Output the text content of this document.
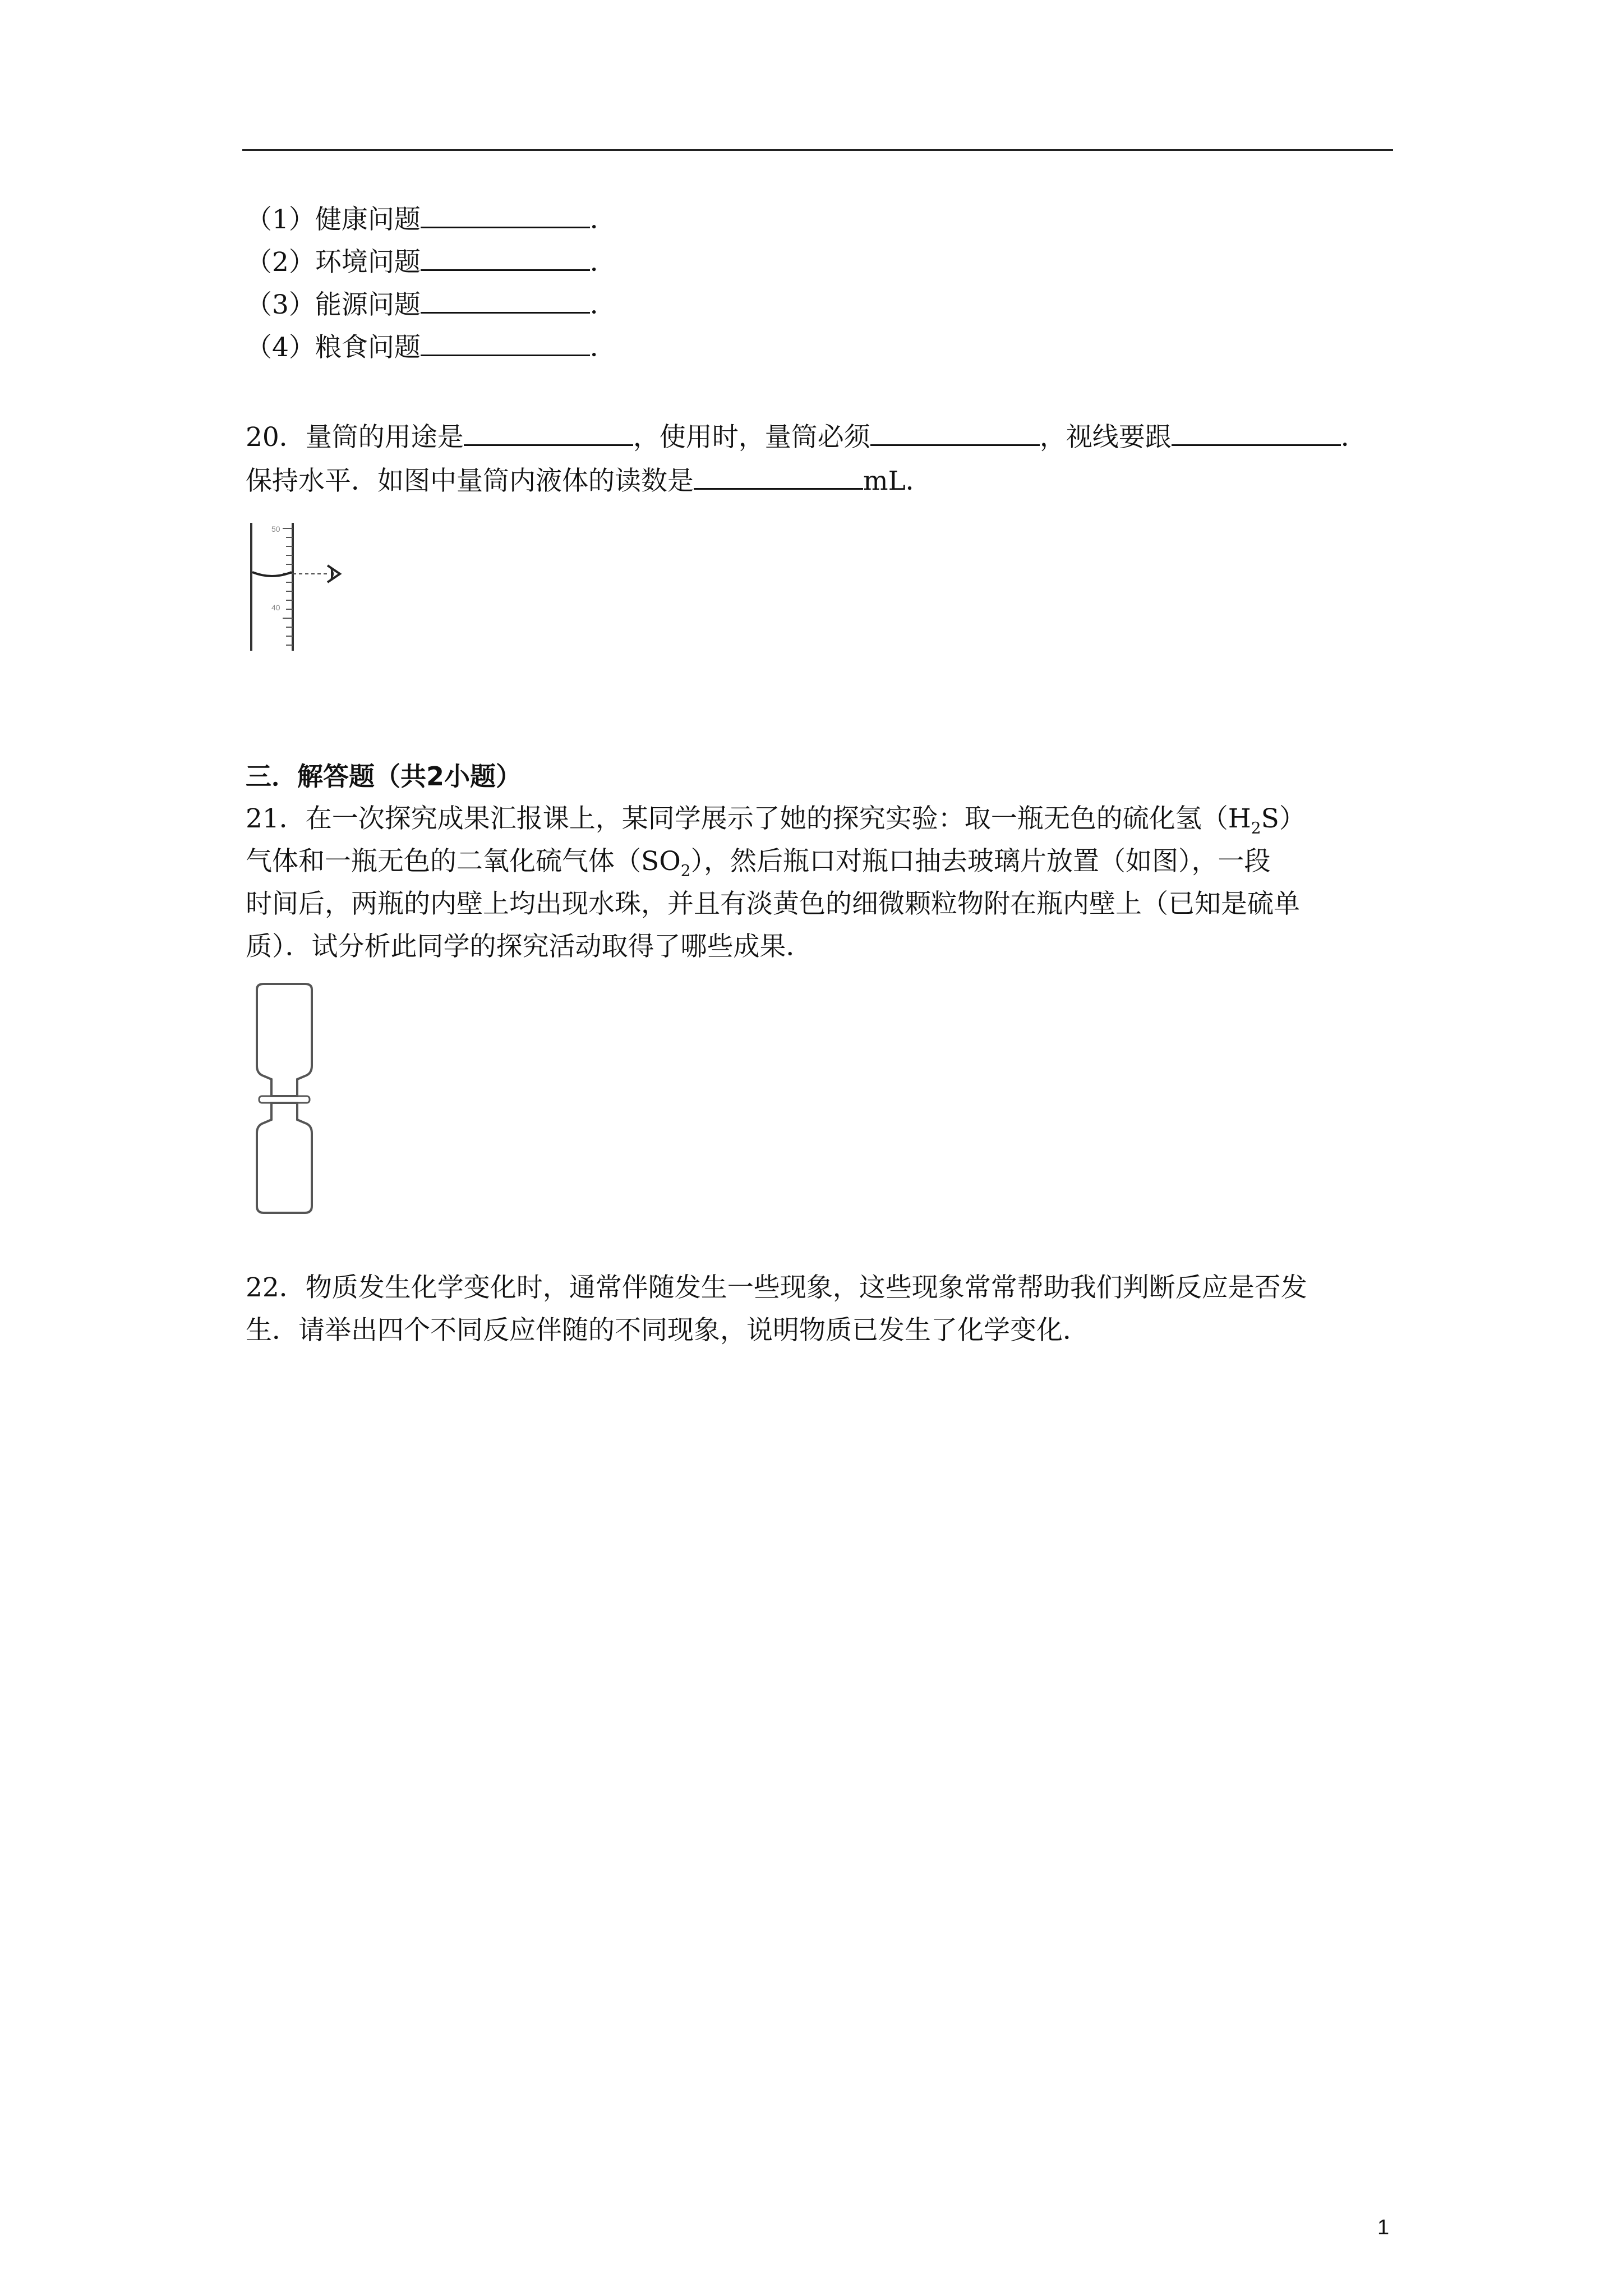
（1）健康问题	．
（2）环境问题	．
（3）能源问题	．
（4）粮食问题	．
20．量筒的用途是	，使用时，量筒必须	，视线要跟	．
保持水平．如图中量筒内液体的读数是	mL．
50
40
三．解答题（共2小题）
21．在一次探究成果汇报课上，某同学展示了她的探究实验：取一瓶无色的硫化氢$(H_2S)$
气体和一瓶无色的二氧化硫气体$(SO_2)$，然后瓶口对瓶口抽去玻璃片放置（如图），一段
时间后，两瓶的内壁上均出现水珠，并且有淡黄色的细微颗粒物附在瓶内壁上（已知是硫单
质）．试分析此同学的探究活动取得了哪些成果．
22．物质发生化学变化时，通常伴随发生一些现象，这些现象常常帮助我们判断反应是否发
生．请举出四个不同反应伴随的不同现象，说明物质已发生了化学变化．
1
